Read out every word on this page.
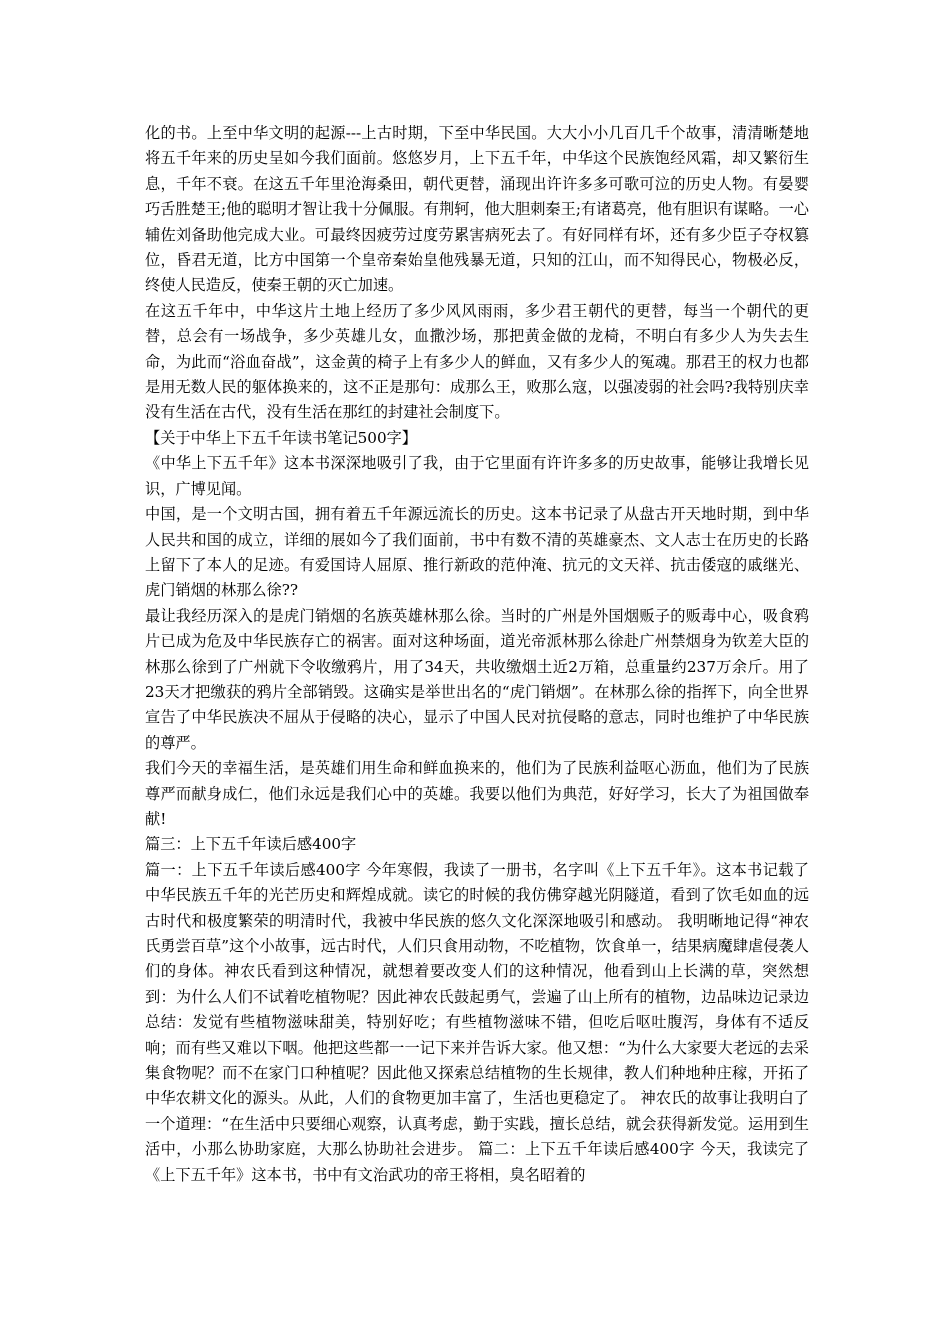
化的书。上至中华文明的起源---上古时期，下至中华民国。大大小小几百几千个故事，清清晰楚地将五千年来的历史呈如今我们面前。悠悠岁月，上下五千年，中华这个民族饱经风霜，却又繁衍生息，千年不衰。在这五千年里沧海桑田，朝代更替，涌现出许许多多可歌可泣的历史人物。有晏婴巧舌胜楚王;他的聪明才智让我十分佩服。有荆轲，他大胆刺秦王;有诸葛亮，他有胆识有谋略。一心辅佐刘备助他完成大业。可最终因疲劳过度劳累害病死去了。有好同样有坏，还有多少臣子夺权篡位，昏君无道，比方中国第一个皇帝秦始皇他残暴无道，只知的江山，而不知得民心，物极必反，终使人民造反，使秦王朝的灭亡加速。

在这五千年中，中华这片土地上经历了多少风风雨雨，多少君王朝代的更替，每当一个朝代的更替，总会有一场战争，多少英雄儿女，血撒沙场，那把黄金做的龙椅，不明白有多少人为失去生命，为此而“浴血奋战”，这金黄的椅子上有多少人的鲜血，又有多少人的冤魂。那君王的权力也都是用无数人民的躯体换来的，这不正是那句：成那么王，败那么寇，以强凌弱的社会吗?我特别庆幸没有生活在古代，没有生活在那红的封建社会制度下。

【关于中华上下五千年读书笔记500字】

《中华上下五千年》这本书深深地吸引了我，由于它里面有许许多多的历史故事，能够让我增长见识，广博见闻。

中国，是一个文明古国，拥有着五千年源远流长的历史。这本书记录了从盘古开天地时期，到中华人民共和国的成立，详细的展如今了我们面前，书中有数不清的英雄豪杰、文人志士在历史的长路上留下了本人的足迹。有爱国诗人屈原、推行新政的范仲淹、抗元的文天祥、抗击倭寇的戚继光、虎门销烟的林那么徐??

最让我经历深入的是虎门销烟的名族英雄林那么徐。当时的广州是外国烟贩子的贩毒中心，吸食鸦片已成为危及中华民族存亡的祸害。面对这种场面，道光帝派林那么徐赴广州禁烟身为钦差大臣的林那么徐到了广州就下令收缴鸦片，用了34天，共收缴烟土近2万箱，总重量约237万余斤。用了23天才把缴获的鸦片全部销毁。这确实是举世出名的“虎门销烟”。在林那么徐的指挥下，向全世界宣告了中华民族决不屈从于侵略的决心，显示了中国人民对抗侵略的意志，同时也维护了中华民族的尊严。

我们今天的幸福生活，是英雄们用生命和鲜血换来的，他们为了民族利益呕心沥血，他们为了民族尊严而献身成仁，他们永远是我们心中的英雄。我要以他们为典范，好好学习，长大了为祖国做奉献!

篇三：上下五千年读后感400字

篇一：上下五千年读后感400字 今年寒假，我读了一册书，名字叫《上下五千年》。这本书记载了中华民族五千年的光芒历史和辉煌成就。读它的时候的我仿佛穿越光阴隧道，看到了饮毛如血的远古时代和极度繁荣的明清时代，我被中华民族的悠久文化深深地吸引和感动。 我明晰地记得“神农氏勇尝百草”这个小故事，远古时代，人们只食用动物，不吃植物，饮食单一，结果病魔肆虐侵袭人们的身体。神农氏看到这种情况，就想着要改变人们的这种情况，他看到山上长满的草，突然想到：为什么人们不试着吃植物呢？因此神农氏鼓起勇气，尝遍了山上所有的植物，边品味边记录边总结：发觉有些植物滋味甜美，特别好吃；有些植物滋味不错，但吃后呕吐腹泻，身体有不适反响；而有些又难以下咽。他把这些都一一记下来并告诉大家。他又想：“为什么大家要大老远的去采集食物呢？而不在家门口种植呢？因此他又探索总结植物的生长规律，教人们种地种庄稼，开拓了中华农耕文化的源头。从此，人们的食物更加丰富了，生活也更稳定了。 神农氏的故事让我明白了一个道理：“在生活中只要细心观察，认真考虑，勤于实践，擅长总结，就会获得新发觉。运用到生活中，小那么协助家庭，大那么协助社会进步。 篇二：上下五千年读后感400字 今天，我读完了《上下五千年》这本书，书中有文治武功的帝王将相，臭名昭着的
